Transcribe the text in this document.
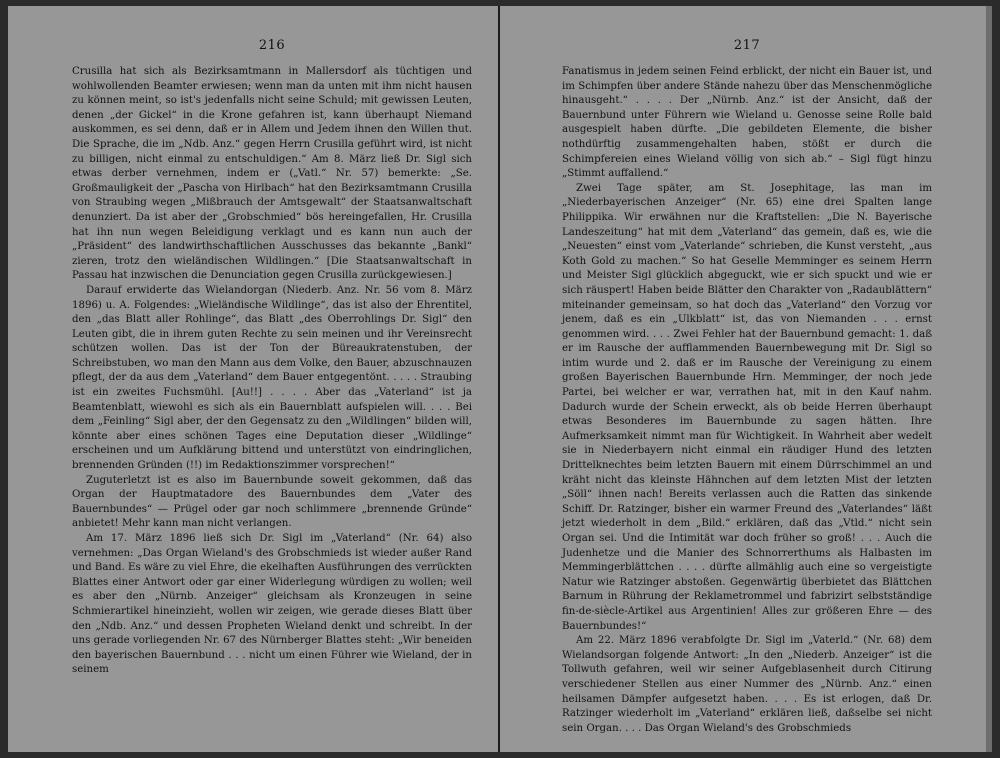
216

Crusilla hat sich als Bezirksamtmann in Mallersdorf als tüchtigen und wohlwollenden Beamter erwiesen; wenn man da unten mit ihm nicht hausen zu können meint, so ist's jedenfalls nicht seine Schuld; mit gewissen Leuten, denen „der Gickel“ in die Krone gefahren ist, kann überhaupt Niemand auskommen, es sei denn, daß er in Allem und Jedem ihnen den Willen thut. Die Sprache, die im „Ndb. Anz.“ gegen Herrn Crusilla geführt wird, ist nicht zu billigen, nicht einmal zu entschuldigen.“ Am 8. März ließ Dr. Sigl sich etwas derber vernehmen, indem er („Vatl.“ Nr. 57) bemerkte: „Se. Großmauligkeit der „Pascha von Hirlbach“ hat den Bezirksamtmann Crusilla von Straubing wegen „Mißbrauch der Amtsgewalt“ der Staatsanwaltschaft denunziert. Da ist aber der „Grobschmied“ bös hereingefallen, Hr. Crusilla hat ihn nun wegen Beleidigung verklagt und es kann nun auch der „Präsident“ des landwirthschaftlichen Ausschusses das bekannte „Bankl“ zieren, trotz den wieländischen Wildlingen.“ [Die Staatsanwaltschaft in Passau hat inzwischen die Denunciation gegen Crusilla zurückgewiesen.]

Darauf erwiderte das Wielandorgan (Niederb. Anz. Nr. 56 vom 8. März 1896) u. A. Folgendes: „Wieländische Wildlinge“, das ist also der Ehrentitel, den „das Blatt aller Rohlinge“, das Blatt „des Oberrohlings Dr. Sigl“ den Leuten gibt, die in ihrem guten Rechte zu sein meinen und ihr Vereinsrecht schützen wollen. Das ist der Ton der Büreaukratenstuben, der Schreibstuben, wo man den Mann aus dem Volke, den Bauer, abzuschnauzen pflegt, der da aus dem „Vaterland“ dem Bauer entgegentönt. . . . . Straubing ist ein zweites Fuchsmühl. [Au!!] . . . . Aber das „Vaterland“ ist ja Beamtenblatt, wiewohl es sich als ein Bauernblatt aufspielen will. . . . Bei dem „Feinling“ Sigl aber, der den Gegensatz zu den „Wildlingen“ bilden will, könnte aber eines schönen Tages eine Deputation dieser „Wildlinge“ erscheinen und um Aufklärung bittend und unterstützt von eindringlichen, brennenden Gründen (!!) im Redaktionszimmer vorsprechen!“

Zuguterletzt ist es also im Bauernbunde soweit gekommen, daß das Organ der Hauptmatadore des Bauernbundes dem „Vater des Bauernbundes“ — Prügel oder gar noch schlimmere „brennende Gründe“ anbietet! Mehr kann man nicht verlangen.

Am 17. März 1896 ließ sich Dr. Sigl im „Vaterland“ (Nr. 64) also vernehmen: „Das Organ Wieland's des Grobschmieds ist wieder außer Rand und Band. Es wäre zu viel Ehre, die ekelhaften Ausführungen des verrückten Blattes einer Antwort oder gar einer Widerlegung würdigen zu wollen; weil es aber den „Nürnb. Anzeiger“ gleichsam als Kronzeugen in seine Schmierartikel hineinzieht, wollen wir zeigen, wie gerade dieses Blatt über den „Ndb. Anz.“ und dessen Propheten Wieland denkt und schreibt. In der uns gerade vorliegenden Nr. 67 des Nürnberger Blattes steht: „Wir beneiden den bayerischen Bauernbund . . . nicht um einen Führer wie Wieland, der in seinem

217

Fanatismus in jedem seinen Feind erblickt, der nicht ein Bauer ist, und im Schimpfen über andere Stände nahezu über das Menschenmögliche hinausgeht.“ . . . . Der „Nürnb. Anz.“ ist der Ansicht, daß der Bauernbund unter Führern wie Wieland u. Genosse seine Rolle bald ausgespielt haben dürfte. „Die gebildeten Elemente, die bisher nothdürftig zusammengehalten haben, stößt er durch die Schimpfereien eines Wieland völlig von sich ab.“ – Sigl fügt hinzu „Stimmt auffallend.“

Zwei Tage später, am St. Josephitage, las man im „Niederbayerischen Anzeiger“ (Nr. 65) eine drei Spalten lange Philippika. Wir erwähnen nur die Kraftstellen: „Die N. Bayerische Landeszeitung“ hat mit dem „Vaterland“ das gemein, daß es, wie die „Neuesten“ einst vom „Vaterlande“ schrieben, die Kunst versteht, „aus Koth Gold zu machen.“ So hat Geselle Memminger es seinem Herrn und Meister Sigl glücklich abgeguckt, wie er sich spuckt und wie er sich räuspert! Haben beide Blätter den Charakter von „Radaublättern“ miteinander gemeinsam, so hat doch das „Vaterland“ den Vorzug vor jenem, daß es ein „Ulkblatt“ ist, das von Niemanden . . . ernst genommen wird. . . . Zwei Fehler hat der Bauernbund gemacht: 1. daß er im Rausche der aufflammenden Bauernbewegung mit Dr. Sigl so intim wurde und 2. daß er im Rausche der Vereinigung zu einem großen Bayerischen Bauernbunde Hrn. Memminger, der noch jede Partei, bei welcher er war, verrathen hat, mit in den Kauf nahm. Dadurch wurde der Schein erweckt, als ob beide Herren überhaupt etwas Besonderes im Bauernbunde zu sagen hätten. Ihre Aufmerksamkeit nimmt man für Wichtigkeit. In Wahrheit aber wedelt sie in Niederbayern nicht einmal ein räudiger Hund des letzten Drittelknechtes beim letzten Bauern mit einem Dürrschimmel an und kräht nicht das kleinste Hähnchen auf dem letzten Mist der letzten „Söll“ ihnen nach! Bereits verlassen auch die Ratten das sinkende Schiff. Dr. Ratzinger, bisher ein warmer Freund des „Vaterlandes“ läßt jetzt wiederholt in dem „Bild.“ erklären, daß das „Vtld.“ nicht sein Organ sei. Und die Intimität war doch früher so groß! . . . Auch die Judenhetze und die Manier des Schnorrerthums als Halbasten im Memmingerblättchen . . . . dürfte allmählig auch eine so vergeistigte Natur wie Ratzinger abstoßen. Gegenwärtig überbietet das Blättchen Barnum in Rührung der Reklametrommel und fabrizirt selbstständige fin-de-siècle-Artikel aus Argentinien! Alles zur größeren Ehre — des Bauernbundes!“

Am 22. März 1896 verabfolgte Dr. Sigl im „Vaterld.“ (Nr. 68) dem Wielandsorgan folgende Antwort: „In den „Niederb. Anzeiger“ ist die Tollwuth gefahren, weil wir seiner Aufgeblasenheit durch Citirung verschiedener Stellen aus einer Nummer des „Nürnb. Anz.“ einen heilsamen Dämpfer aufgesetzt haben. . . . Es ist erlogen, daß Dr. Ratzinger wiederholt im „Vaterland“ erklären ließ, daßselbe sei nicht sein Organ. . . . Das Organ Wieland's des Grobschmieds
